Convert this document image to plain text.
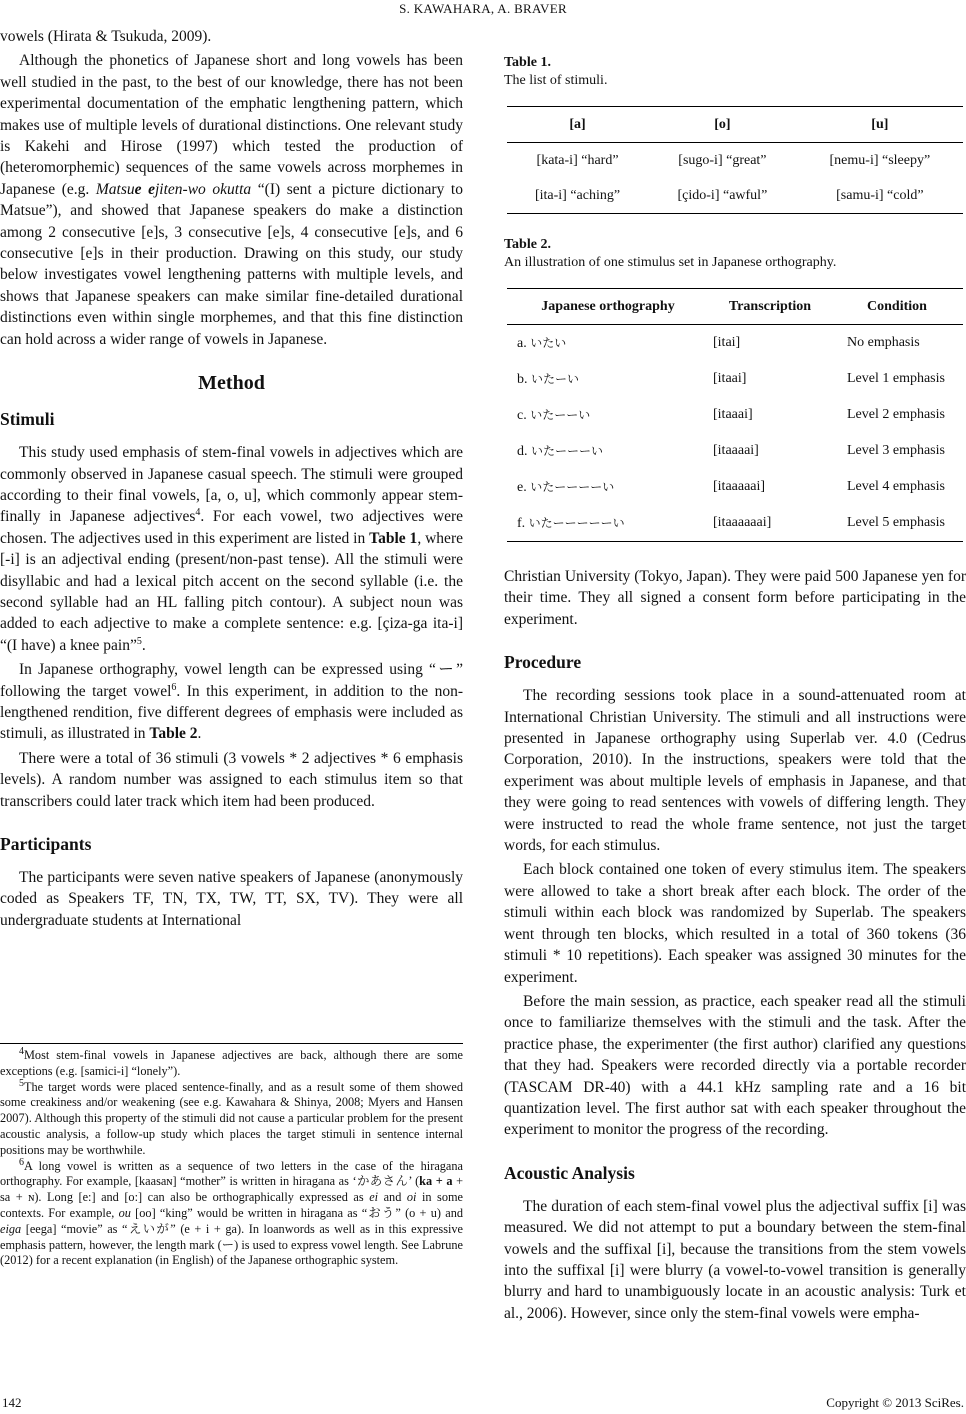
S. KAWAHARA, A. BRAVER

vowels (Hirata & Tsukuda, 2009).

Although the phonetics of Japanese short and long vowels has been well studied in the past, to the best of our knowledge, there has not been experimental documentation of the emphatic lengthening pattern, which makes use of multiple levels of durational distinctions. One relevant study is Kakehi and Hirose (1997) which tested the production of (heteromorphemic) sequences of the same vowels across morphemes in Japanese (e.g. Matsue ejiten-wo okutta “(I) sent a picture dictionary to Matsue”), and showed that Japanese speakers do make a distinction among 2 consecutive [e]s, 3 consecutive [e]s, 4 consecutive [e]s, and 6 consecutive [e]s in their production. Drawing on this study, our study below investigates vowel lengthening patterns with multiple levels, and shows that Japanese speakers can make similar fine-detailed durational distinctions even within single morphemes, and that this fine distinction can hold across a wider range of vowels in Japanese.

Method
Stimuli

This study used emphasis of stem-final vowels in adjectives which are commonly observed in Japanese casual speech. The stimuli were grouped according to their final vowels, [a, o, u], which commonly appear stem-finally in Japanese adjectives$^4$. For each vowel, two adjectives were chosen. The adjectives used in this experiment are listed in Table 1, where [-i] is an adjectival ending (present/non-past tense). All the stimuli were disyllabic and had a lexical pitch accent on the second syllable (i.e. the second syllable had an HL falling pitch contour). A subject noun was added to each adjective to make a complete sentence: e.g. [çiza-ga ita-i] “(I have) a knee pain”$^5$.

In Japanese orthography, vowel length can be expressed using “ー” following the target vowel$^6$. In this experiment, in addition to the non-lengthened rendition, five different degrees of emphasis were included as stimuli, as illustrated in Table 2.

There were a total of 36 stimuli (3 vowels * 2 adjectives * 6 emphasis levels). A random number was assigned to each stimulus item so that transcribers could later track which item had been produced.

Participants

The participants were seven native speakers of Japanese (anonymously coded as Speakers TF, TN, TX, TW, TT, SX, TV). They were all undergraduate students at International

$^4$Most stem-final vowels in Japanese adjectives are back, although there are some exceptions (e.g. [samici-i] “lonely”).

$^5$The target words were placed sentence-finally, and as a result some of them showed some creakiness and/or weakening (see e.g. Kawahara & Shinya, 2008; Myers and Hansen 2007). Although this property of the stimuli did not cause a particular problem for the present acoustic analysis, a follow-up study which places the target stimuli in sentence internal positions may be worthwhile.

$^6$A long vowel is written as a sequence of two letters in the case of the hiragana orthography. For example, [kaasaɴ] “mother” is written in hiragana as ‘かあさん’ (ka + a + sa + ɴ). Long [e:] and [o:] can also be orthographically expressed as ei and oi in some contexts. For example, ou [oo] “king” would be written in hiragana as “おう” (o + u) and eiga [eega] “movie” as “えいが” (e + i + ga). In loanwords as well as in this expressive emphasis pattern, however, the length mark (ー) is used to express vowel length. See Labrune (2012) for a recent explanation (in English) of the Japanese orthographic system.

Table 1.
The list of stimuli.
[a]	[o]	[u]
[kata-i] “hard”	[sugo-i] “great”	[nemu-i] “sleepy”
[ita-i] “aching”	[çido-i] “awful”	[samu-i] “cold”
Table 2.
An illustration of one stimulus set in Japanese orthography.
Japanese orthography	Transcription	Condition
a. いたい	[itai]	No emphasis
b. いたーい	[itaai]	Level 1 emphasis
c. いたーーい	[itaaai]	Level 2 emphasis
d. いたーーーい	[itaaaai]	Level 3 emphasis
e. いたーーーーい	[itaaaaai]	Level 4 emphasis
f. いたーーーーーい	[itaaaaaai]	Level 5 emphasis

Christian University (Tokyo, Japan). They were paid 500 Japanese yen for their time. They all signed a consent form before participating in the experiment.

Procedure

The recording sessions took place in a sound-attenuated room at International Christian University. The stimuli and all instructions were presented in Japanese orthography using Superlab ver. 4.0 (Cedrus Corporation, 2010). In the instructions, speakers were told that the experiment was about multiple levels of emphasis in Japanese, and that they were going to read sentences with vowels of differing length. They were instructed to read the whole frame sentence, not just the target words, for each stimulus.

Each block contained one token of every stimulus item. The speakers were allowed to take a short break after each block. The order of the stimuli within each block was randomized by Superlab. The speakers went through ten blocks, which resulted in a total of 360 tokens (36 stimuli * 10 repetitions). Each speaker was assigned 30 minutes for the experiment.

Before the main session, as practice, each speaker read all the stimuli once to familiarize themselves with the stimuli and the task. After the practice phase, the experimenter (the first author) clarified any questions that they had. Speakers were recorded directly via a portable recorder (TASCAM DR-40) with a 44.1 kHz sampling rate and a 16 bit quantization level. The first author sat with each speaker throughout the experiment to monitor the progress of the recording.

Acoustic Analysis

The duration of each stem-final vowel plus the adjectival suffix [i] was measured. We did not attempt to put a boundary between the stem-final vowels and the suffixal [i], because the transitions from the stem vowels into the suffixal [i] were blurry (a vowel-to-vowel transition is generally blurry and hard to unambiguously locate in an acoustic analysis: Turk et al., 2006). However, since only the stem-final vowels were empha-

142	Copyright © 2013 SciRes.
